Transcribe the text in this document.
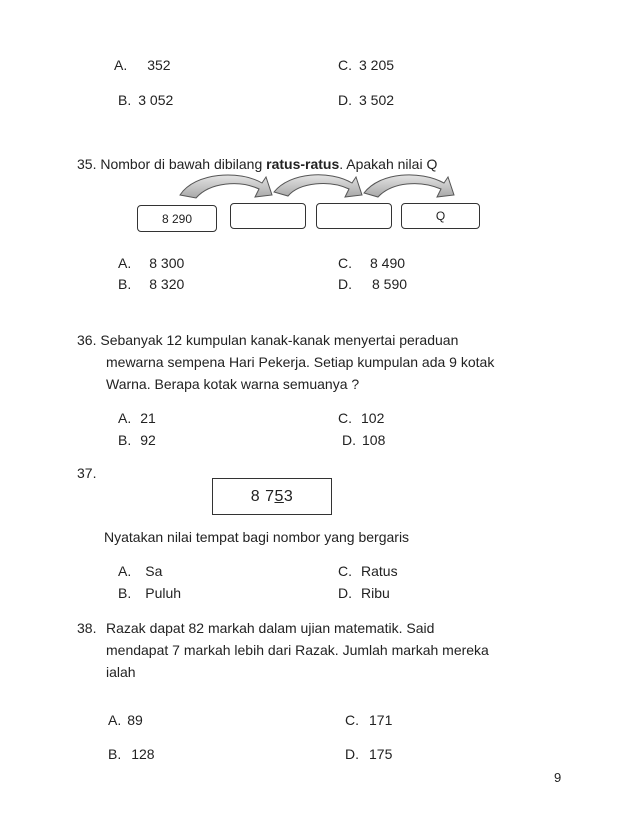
A. 352
B. 3 052
C. 3 205
D. 3 502
35. Nombor di bawah dibilang ratus-ratus. Apakah nilai Q
8 290	Q
A. 8 300
B. 8 320
C. 8 490
D. 8 590
36. Sebanyak 12 kumpulan kanak-kanak menyertai peraduan
mewarna sempena Hari Pekerja. Setiap kumpulan ada 9 kotak
Warna. Berapa kotak warna semuanya ?
A. 21
B. 92
C. 102
D. 108
37.
8 7 5 3
Nyatakan nilai tempat bagi nombor yang bergaris
A. Sa
B. Puluh
C. Ratus
D. Ribu
38. Razak dapat 82 markah dalam ujian matematik. Said
mendapat 7 markah lebih dari Razak. Jumlah markah mereka
ialah
A. 89
B. 128
C. 171
D. 175
9
